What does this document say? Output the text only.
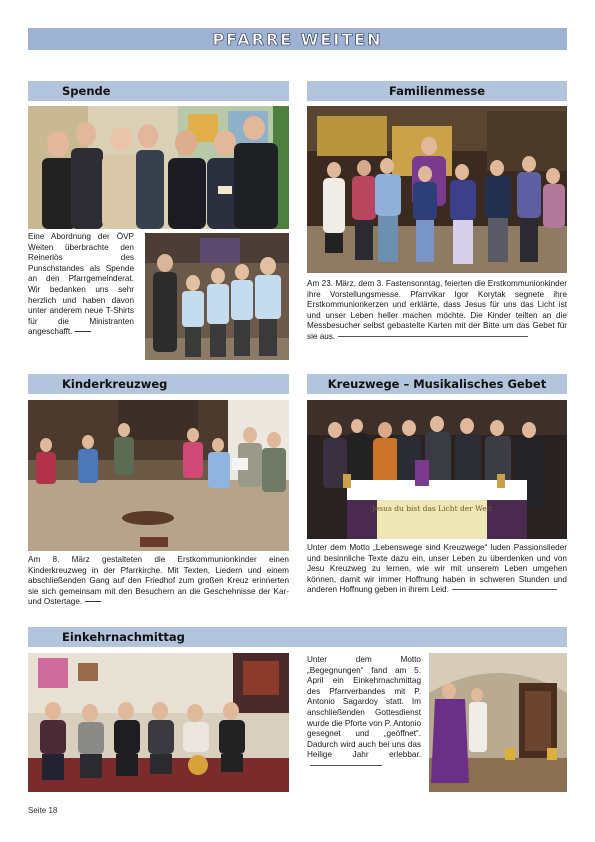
PFARRE WEITEN
Spende
Eine Abordnung der ÖVP Weiten überbrachte den Reinerlös des Punschstandes als Spende an den Pfarrgemeinderat. Wir bedanken uns sehr herzlich und haben davon unter anderem neue T-Shirts für die Ministranten angeschafft.
Familienmesse
Am 23. März, dem 3. Fastensonntag, feierten die Erstkommunionkinder ihre Vorstellungsmesse. Pfarrvikar Igor Korytak segnete ihre Erstkommunionkerzen und erklärte, dass Jesus für uns das Licht ist und unser Leben heller machen möchte. Die Kinder teilten an die Messbesucher selbst gebastelte Karten mit der Bitte um das Gebet für sie aus.
Kinderkreuzweg
Am 8. März gestalteten die Erstkommunionkinder einen Kinderkreuzweg in der Pfarrkirche. Mit Texten, Liedern und einem abschließenden Gang auf den Friedhof zum großen Kreuz erinnerten sie sich gemeinsam mit den Besuchern an die Geschehnisse der Kar- und Ostertage.
Kreuzwege – Musikalisches Gebet
Jesus du bist das Licht der Welt
Unter dem Motto „Lebenswege sind Kreuzwege“ luden Passionslieder und besinnliche Texte dazu ein, unser Leben zu überdenken und von Jesu Kreuzweg zu lernen, wie wir mit unserem Leben umgehen können, damit wir immer Hoffnung haben in schweren Stunden und anderen Hoffnung geben in ihrem Leid.
Einkehrnachmittag
Unter dem Motto „Begegnungen“ fand am 5. April ein Einkehrnachmittag des Pfarrverbandes mit P. Antonio Sagardoy statt. Im anschließenden Gottesdienst wurde die Pforte von P. Antonio gesegnet und „geöffnet“. Dadurch wird auch bei uns das Heilige Jahr erlebbar.
Seite 18
